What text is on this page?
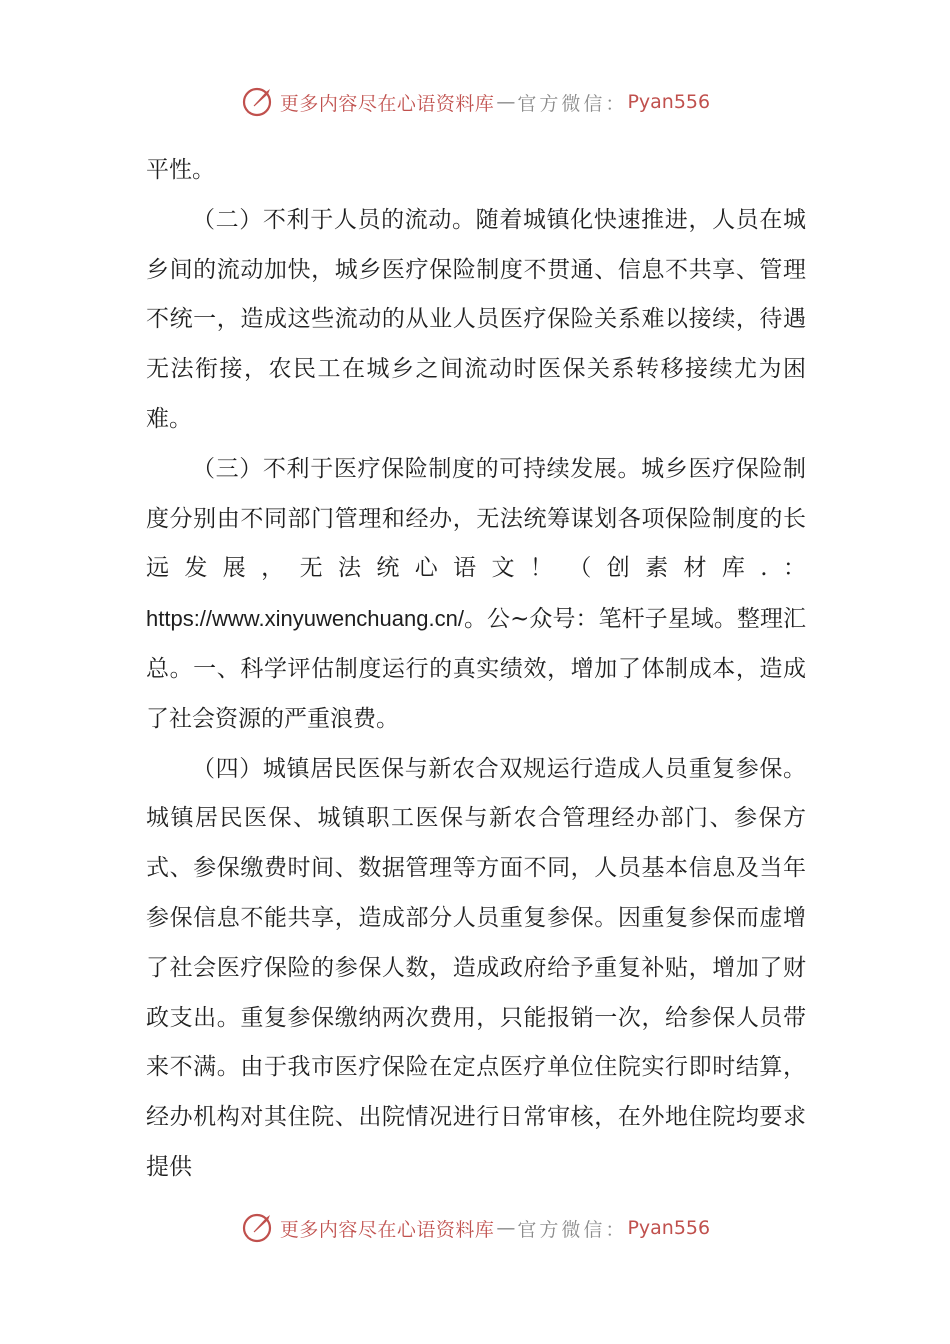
更多内容尽在心语资料库 — 官方微信： Pyan556

平性。

（二）不利于人员的流动。随着城镇化快速推进，人员在城乡间的流动加快，城乡医疗保险制度不贯通、信息不共享、管理不统一，造成这些流动的从业人员医疗保险关系难以接续，待遇无法衔接，农民工在城乡之间流动时医保关系转移接续尤为困难。

（三）不利于医疗保险制度的可持续发展。城乡医疗保险制度分别由不同部门管理和经办，无法统筹谋划各项保险制度的长远发展，无法统心语文！（创素材库.：https://www.xinyuwenchuang.cn/。公~众号：笔杆子星域。整理汇总。一、科学评估制度运行的真实绩效，增加了体制成本，造成了社会资源的严重浪费。

（四）城镇居民医保与新农合双规运行造成人员重复参保。城镇居民医保、城镇职工医保与新农合管理经办部门、参保方式、参保缴费时间、数据管理等方面不同，人员基本信息及当年参保信息不能共享，造成部分人员重复参保。因重复参保而虚增了社会医疗保险的参保人数，造成政府给予重复补贴，增加了财政支出。重复参保缴纳两次费用，只能报销一次，给参保人员带来不满。由于我市医疗保险在定点医疗单位住院实行即时结算，经办机构对其住院、出院情况进行日常审核，在外地住院均要求提供

更多内容尽在心语资料库 — 官方微信： Pyan556
